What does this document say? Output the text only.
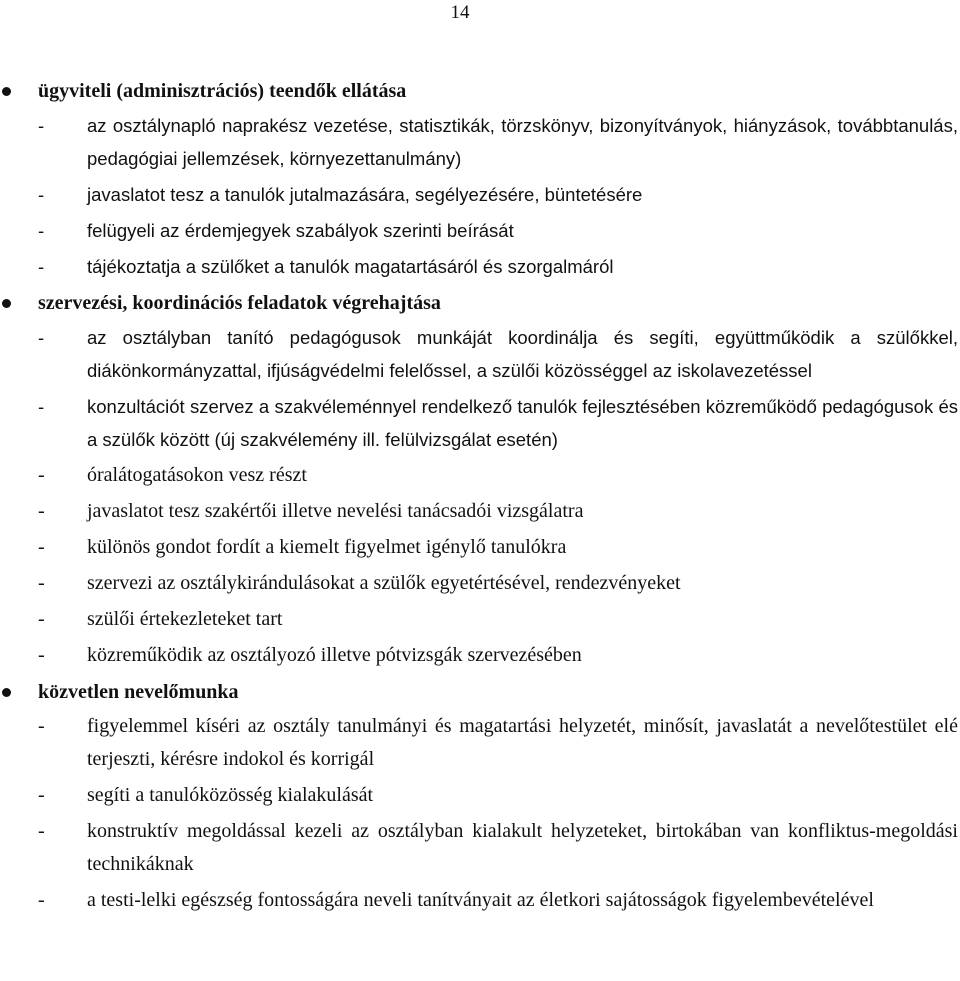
14
ügyviteli (adminisztrációs) teendők ellátása
- az osztálynapló naprakész vezetése, statisztikák, törzskönyv, bizonyítványok, hiányzások, továbbtanulás, pedagógiai jellemzések, környezettanulmány)
- javaslatot tesz a tanulók jutalmazására, segélyezésére, büntetésére
- felügyeli az érdemjegyek szabályok szerinti beírását
- tájékoztatja a szülőket a tanulók magatartásáról és szorgalmáról
szervezési, koordinációs feladatok végrehajtása
- az osztályban tanító pedagógusok munkáját koordinálja és segíti, együttműködik a szülőkkel, diákönkormányzattal, ifjúságvédelmi felelőssel, a szülői közösséggel az iskolavezetéssel
- konzultációt szervez a szakvéleménnyel rendelkező tanulók fejlesztésében közreműködő pedagógusok és a szülők között (új szakvélemény ill. felülvizsgálat esetén)
- óralátogatásokon vesz részt
- javaslatot tesz szakértői illetve nevelési tanácsadói vizsgálatra
- különös gondot fordít a kiemelt figyelmet igénylő tanulókra
- szervezi az osztálykirándulásokat a szülők egyetértésével, rendezvényeket
- szülői értekezleteket tart
- közreműködik az osztályozó illetve pótvizsgák szervezésében
közvetlen nevelőmunka
- figyelemmel kíséri az osztály tanulmányi és magatartási helyzetét, minősít, javaslatát a nevelőtestület elé terjeszti, kérésre indokol és korrigál
- segíti a tanulóközösség kialakulását
- konstruktív megoldással kezeli az osztályban kialakult helyzeteket, birtokában van konfliktus-megoldási technikáknak
- a testi-lelki egészség fontosságára neveli tanítványait az életkori sajátosságok figyelembevételével
